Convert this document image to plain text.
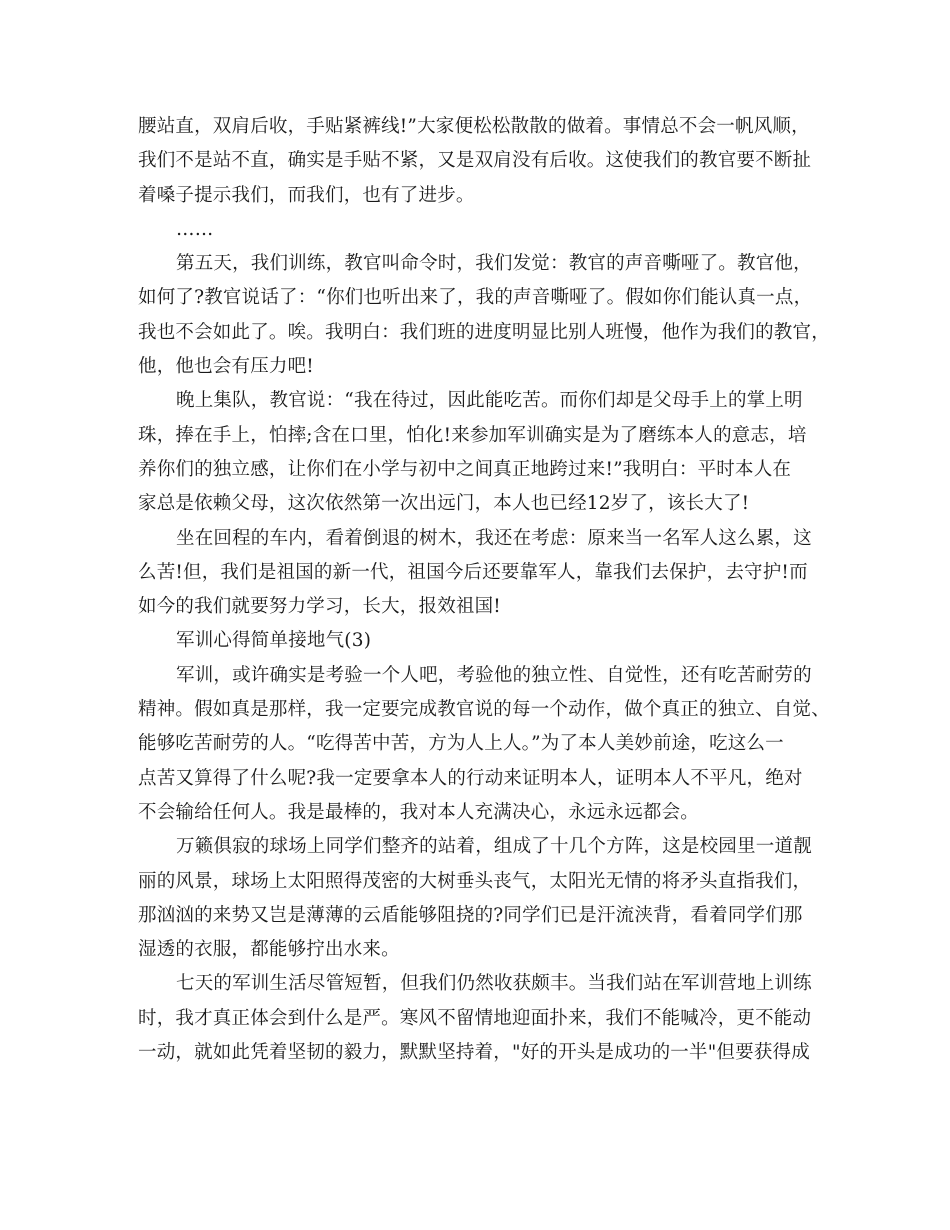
腰站直，双肩后收，手贴紧裤线!”大家便松松散散的做着。事情总不会一帆风顺，
我们不是站不直，确实是手贴不紧，又是双肩没有后收。这使我们的教官要不断扯
着嗓子提示我们，而我们，也有了进步。
……
第五天，我们训练，教官叫命令时，我们发觉：教官的声音嘶哑了。教官他，
如何了?教官说话了：“你们也听出来了，我的声音嘶哑了。假如你们能认真一点，
我也不会如此了。唉。我明白：我们班的进度明显比别人班慢，他作为我们的教官，
他，他也会有压力吧!
晚上集队，教官说：“我在待过，因此能吃苦。而你们却是父母手上的掌上明
珠，捧在手上，怕摔;含在口里，怕化!来参加军训确实是为了磨练本人的意志，培
养你们的独立感，让你们在小学与初中之间真正地跨过来!”我明白：平时本人在
家总是依赖父母，这次依然第一次出远门，本人也已经12岁了，该长大了!
坐在回程的车内，看着倒退的树木，我还在考虑：原来当一名军人这么累，这
么苦!但，我们是祖国的新一代，祖国今后还要靠军人，靠我们去保护，去守护!而
如今的我们就要努力学习，长大，报效祖国!
军训心得简单接地气(3)
军训，或许确实是考验一个人吧，考验他的独立性、自觉性，还有吃苦耐劳的
精神。假如真是那样，我一定要完成教官说的每一个动作，做个真正的独立、自觉、
能够吃苦耐劳的人。“吃得苦中苦，方为人上人。”为了本人美妙前途，吃这么一
点苦又算得了什么呢?我一定要拿本人的行动来证明本人，证明本人不平凡，绝对
不会输给任何人。我是最棒的，我对本人充满决心，永远永远都会。
万籁俱寂的球场上同学们整齐的站着，组成了十几个方阵，这是校园里一道靓
丽的风景，球场上太阳照得茂密的大树垂头丧气，太阳光无情的将矛头直指我们，
那汹汹的来势又岂是薄薄的云盾能够阻挠的?同学们已是汗流浃背，看着同学们那
湿透的衣服，都能够拧出水来。
七天的军训生活尽管短暂，但我们仍然收获颇丰。当我们站在军训营地上训练
时，我才真正体会到什么是严。寒风不留情地迎面扑来，我们不能喊冷，更不能动
一动，就如此凭着坚韧的毅力，默默坚持着，"好的开头是成功的一半"但要获得成
